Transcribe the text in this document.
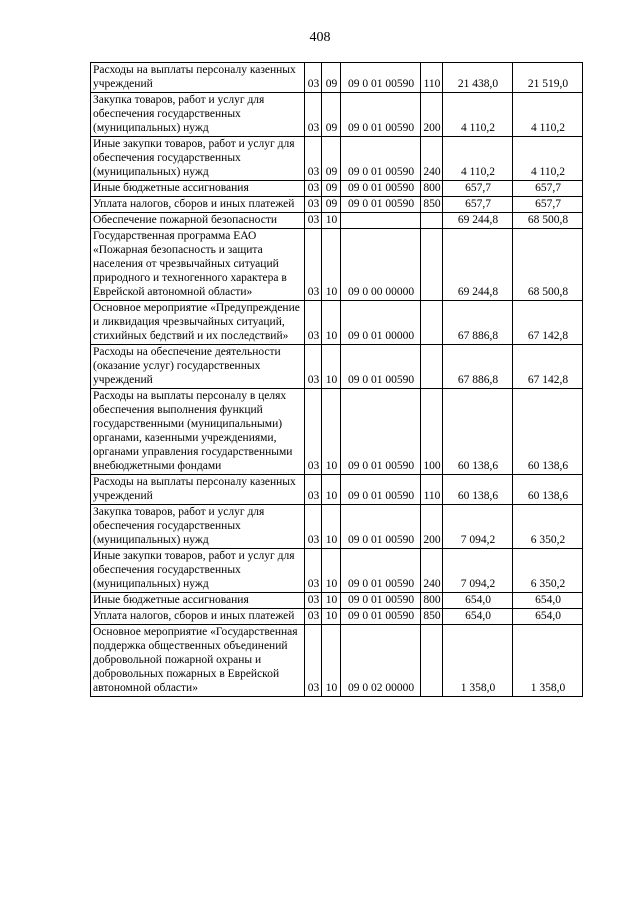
408
Расходы на выплаты персоналу казенных учреждений	03	09	09 0 01 00590	110	21 438,0	21 519,0
Закупка товаров, работ и услуг для обеспечения государственных (муниципальных) нужд	03	09	09 0 01 00590	200	4 110,2	4 110,2
Иные закупки товаров, работ и услуг для обеспечения государственных (муниципальных) нужд	03	09	09 0 01 00590	240	4 110,2	4 110,2
Иные бюджетные ассигнования	03	09	09 0 01 00590	800	657,7	657,7
Уплата налогов, сборов и иных платежей	03	09	09 0 01 00590	850	657,7	657,7
Обеспечение пожарной безопасности	03	10			69 244,8	68 500,8
Государственная программа ЕАО «Пожарная безопасность и защита населения от чрезвычайных ситуаций природного и техногенного характера в Еврейской автономной области»	03	10	09 0 00 00000		69 244,8	68 500,8
Основное мероприятие «Предупреждение и ликвидация чрезвычайных ситуаций, стихийных бедствий и их последствий»	03	10	09 0 01 00000		67 886,8	67 142,8
Расходы на обеспечение деятельности (оказание услуг) государственных учреждений	03	10	09 0 01 00590		67 886,8	67 142,8
Расходы на выплаты персоналу в целях обеспечения выполнения функций государственными (муниципальными) органами, казенными учреждениями, органами управления государственными внебюджетными фондами	03	10	09 0 01 00590	100	60 138,6	60 138,6
Расходы на выплаты персоналу казенных учреждений	03	10	09 0 01 00590	110	60 138,6	60 138,6
Закупка товаров, работ и услуг для обеспечения государственных (муниципальных) нужд	03	10	09 0 01 00590	200	7 094,2	6 350,2
Иные закупки товаров, работ и услуг для обеспечения государственных (муниципальных) нужд	03	10	09 0 01 00590	240	7 094,2	6 350,2
Иные бюджетные ассигнования	03	10	09 0 01 00590	800	654,0	654,0
Уплата налогов, сборов и иных платежей	03	10	09 0 01 00590	850	654,0	654,0
Основное мероприятие «Государственная поддержка общественных объединений добровольной пожарной охраны и добровольных пожарных в Еврейской автономной области»	03	10	09 0 02 00000		1 358,0	1 358,0
